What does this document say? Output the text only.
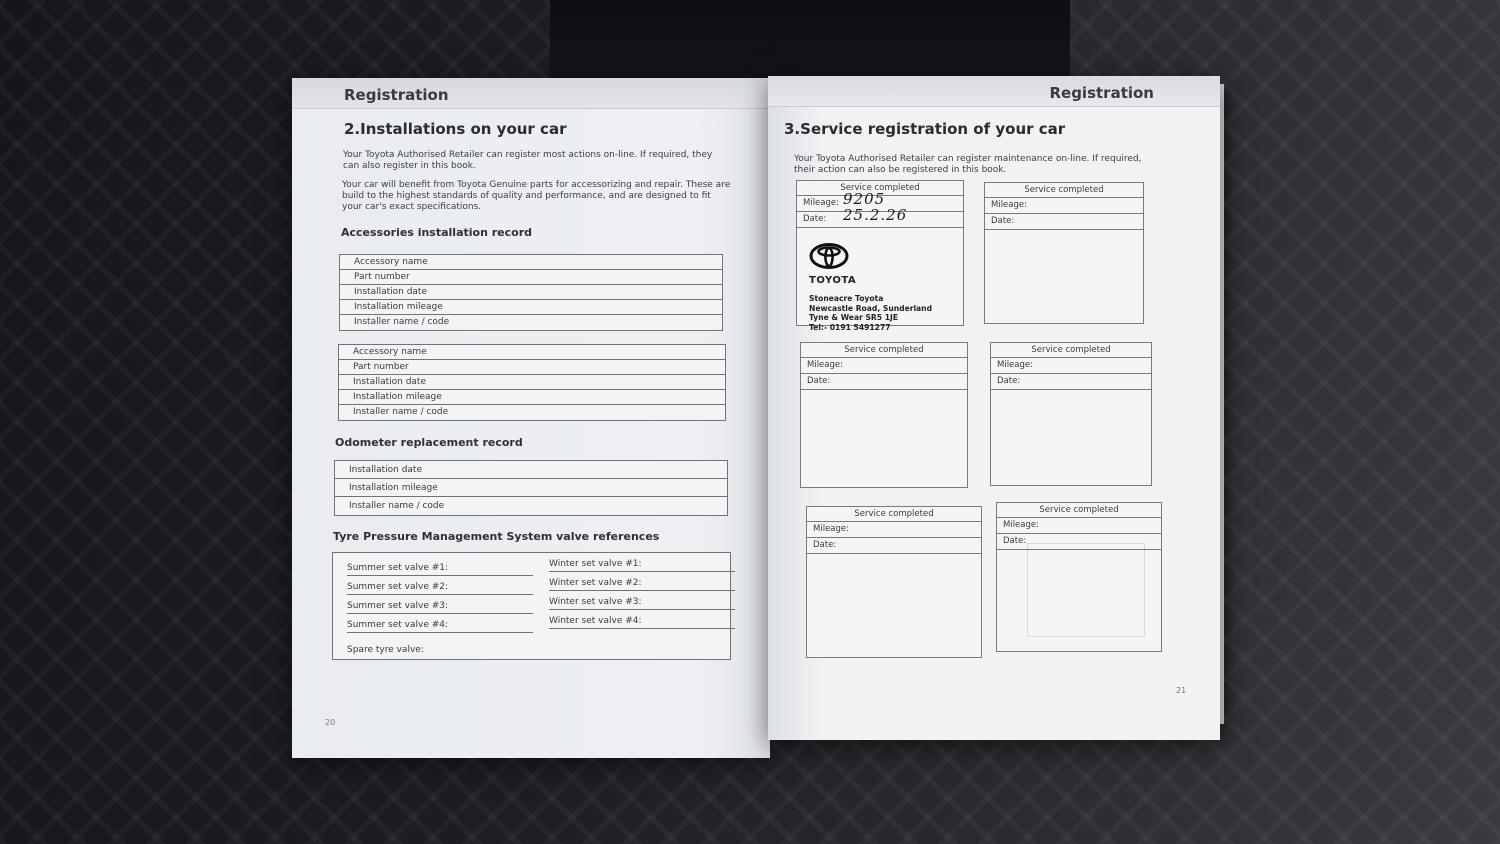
Registration
2.Installations on your car

Your Toyota Authorised Retailer can register most actions on-line. If required, they can also register in this book.

Your car will benefit from Toyota Genuine parts for accessorizing and repair. These are build to the highest standards of quality and performance, and are designed to fit your car's exact specifications.

Accessories installation record

Accessory name
Part number
Installation date
Installation mileage
Installer name / code
Accessory name
Part number
Installation date
Installation mileage
Installer name / code

Odometer replacement record

Installation date
Installation mileage
Installer name / code

Tyre Pressure Management System valve references

Summer set valve #1:
Summer set valve #2:
Summer set valve #3:
Summer set valve #4:
Winter set valve #1:
Winter set valve #2:
Winter set valve #3:
Winter set valve #4:
Spare tyre valve:
20
Registration
3.Service registration of your car

Your Toyota Authorised Retailer can register maintenance on-line. If required, their action can also be registered in this book.

Service completed
Mileage: 9205
Date: 25.2.26
TOYOTA
Stoneacre Toyota
Newcastle Road, Sunderland
Tyne & Wear SR5 1JE
Tel:- 0191 5491277
Service completed
Mileage:
Date:
Service completed
Mileage:
Date:
Service completed
Mileage:
Date:
Service completed
Mileage:
Date:
Service completed
Mileage:
Date:
21
